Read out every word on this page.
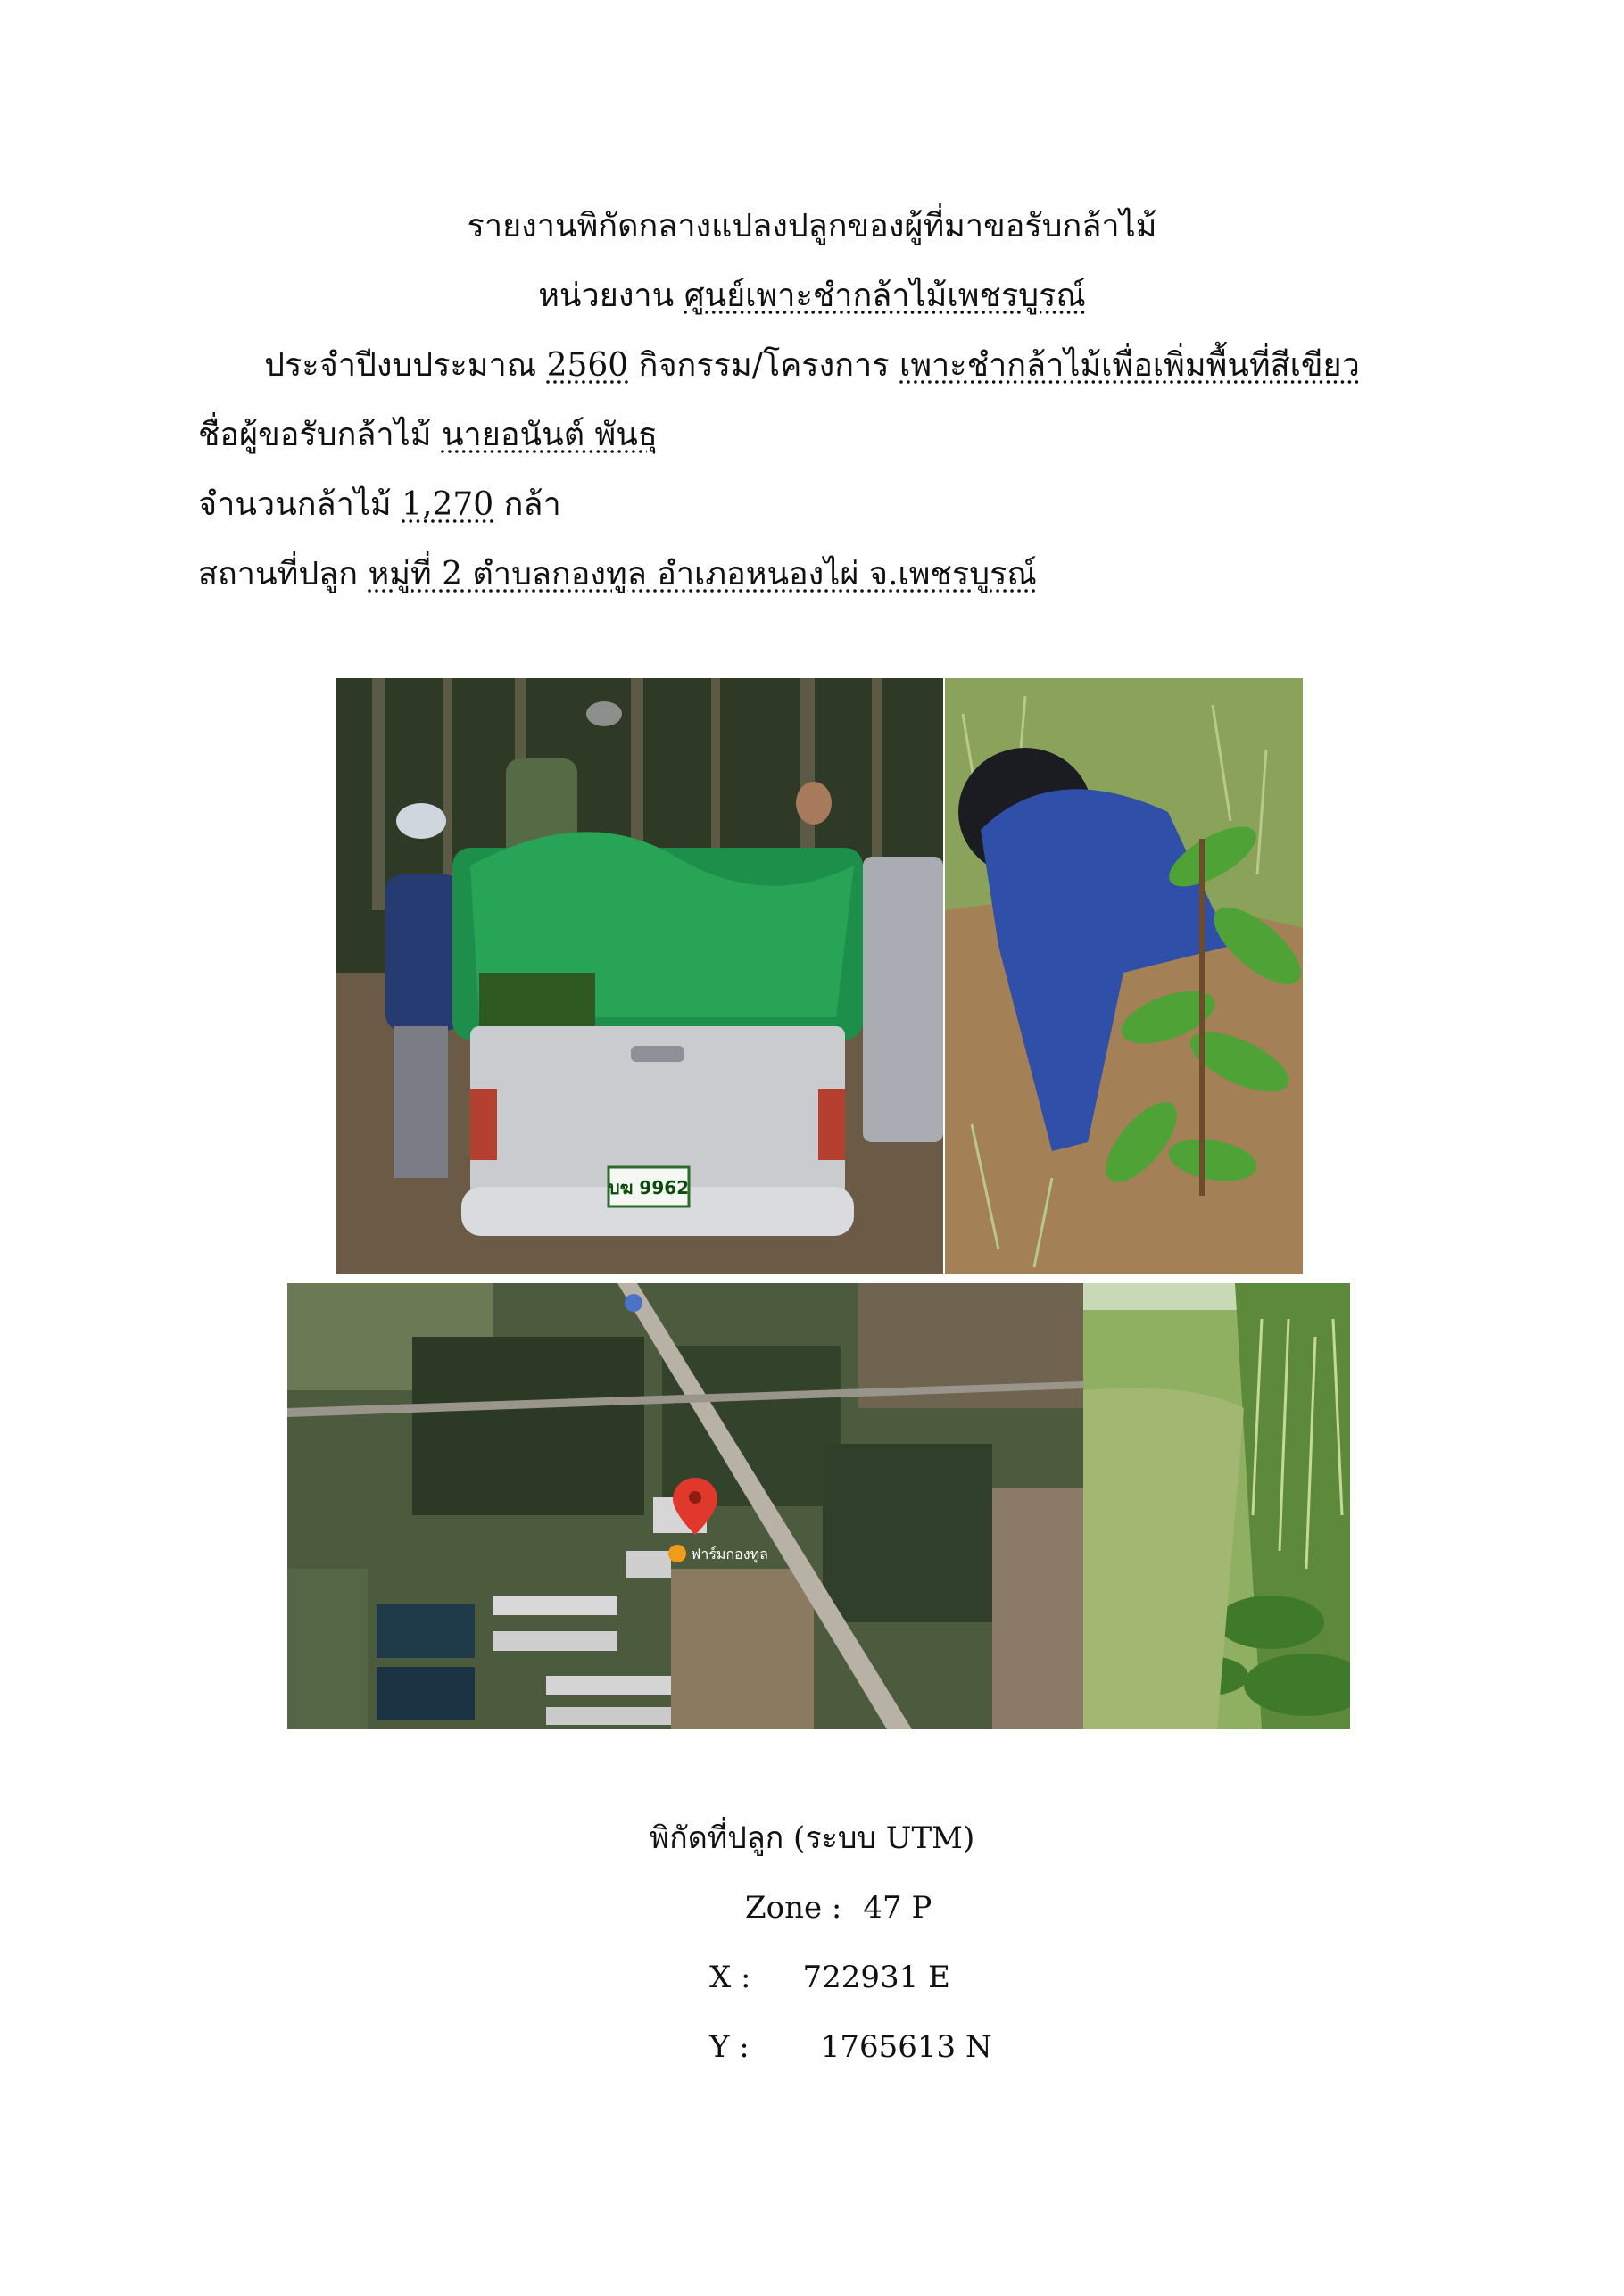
รายงานพิกัดกลางแปลงปลูกของผู้ที่มาขอรับกล้าไม้
หน่วยงาน ศูนย์เพาะชำกล้าไม้เพชรบูรณ์
ประจำปีงบประมาณ 2560 กิจกรรม/โครงการ เพาะชำกล้าไม้เพื่อเพิ่มพื้นที่สีเขียว
ชื่อผู้ขอรับกล้าไม้ นายอนันต์ พันธุ
จำนวนกล้าไม้ 1,270 กล้า
สถานที่ปลูก หมู่ที่ 2 ตำบลกองทูล อำเภอหนองไผ่ จ.เพชรบูรณ์
บฆ 9962
ฟาร์มกองทูล
พิกัดที่ปลูก (ระบบ UTM)
Zone : 47 P
X : 722931 E
Y : 1765613 N
